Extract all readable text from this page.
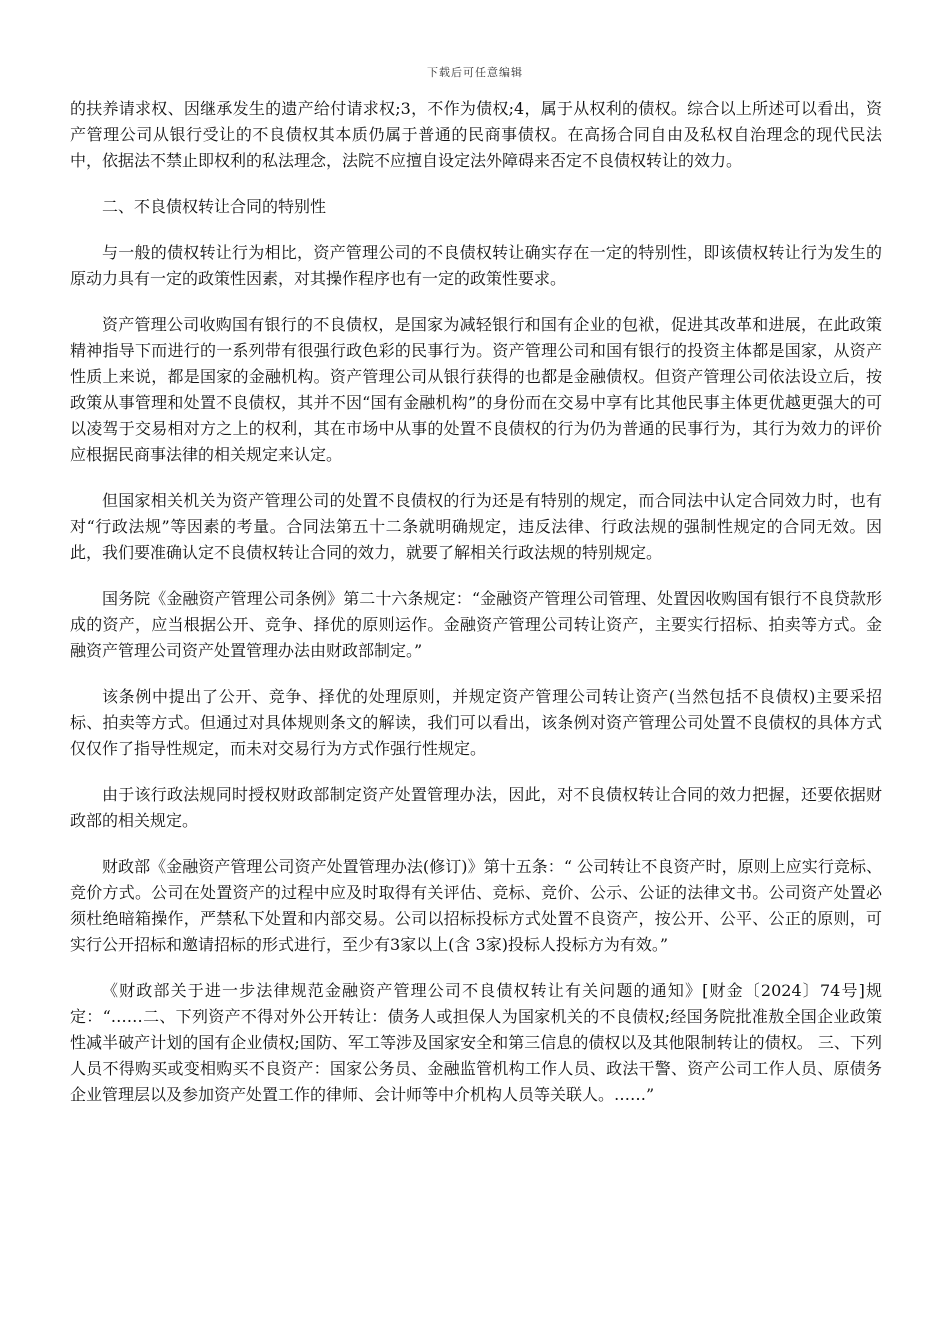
下载后可任意编辑

的扶养请求权、因继承发生的遗产给付请求权;3，不作为债权;4，属于从权利的债权。综合以上所述可以看出，资产管理公司从银行受让的不良债权其本质仍属于普通的民商事债权。在高扬合同自由及私权自治理念的现代民法中，依据法不禁止即权利的私法理念，法院不应擅自设定法外障碍来否定不良债权转让的效力。

二、不良债权转让合同的特别性

与一般的债权转让行为相比，资产管理公司的不良债权转让确实存在一定的特别性，即该债权转让行为发生的原动力具有一定的政策性因素，对其操作程序也有一定的政策性要求。

资产管理公司收购国有银行的不良债权，是国家为减轻银行和国有企业的包袱，促进其改革和进展，在此政策精神指导下而进行的一系列带有很强行政色彩的民事行为。资产管理公司和国有银行的投资主体都是国家，从资产性质上来说，都是国家的金融机构。资产管理公司从银行获得的也都是金融债权。但资产管理公司依法设立后，按政策从事管理和处置不良债权，其并不因“国有金融机构”的身份而在交易中享有比其他民事主体更优越更强大的可以凌驾于交易相对方之上的权利，其在市场中从事的处置不良债权的行为仍为普通的民事行为，其行为效力的评价应根据民商事法律的相关规定来认定。

但国家相关机关为资产管理公司的处置不良债权的行为还是有特别的规定，而合同法中认定合同效力时，也有对“行政法规”等因素的考量。合同法第五十二条就明确规定，违反法律、行政法规的强制性规定的合同无效。因此，我们要准确认定不良债权转让合同的效力，就要了解相关行政法规的特别规定。

国务院《金融资产管理公司条例》第二十六条规定：“金融资产管理公司管理、处置因收购国有银行不良贷款形成的资产，应当根据公开、竞争、择优的原则运作。金融资产管理公司转让资产，主要实行招标、拍卖等方式。金融资产管理公司资产处置管理办法由财政部制定。”

该条例中提出了公开、竞争、择优的处理原则，并规定资产管理公司转让资产(当然包括不良债权)主要采招标、拍卖等方式。但通过对具体规则条文的解读，我们可以看出，该条例对资产管理公司处置不良债权的具体方式仅仅作了指导性规定，而未对交易行为方式作强行性规定。

由于该行政法规同时授权财政部制定资产处置管理办法，因此，对不良债权转让合同的效力把握，还要依据财政部的相关规定。

财政部《金融资产管理公司资产处置管理办法(修订)》第十五条：“ 公司转让不良资产时，原则上应实行竞标、竞价方式。公司在处置资产的过程中应及时取得有关评估、竞标、竞价、公示、公证的法律文书。公司资产处置必须杜绝暗箱操作，严禁私下处置和内部交易。公司以招标投标方式处置不良资产，按公开、公平、公正的原则，可实行公开招标和邀请招标的形式进行，至少有3家以上(含 3家)投标人投标方为有效。”

《财政部关于进一步法律规范金融资产管理公司不良债权转让有关问题的通知》[财金〔2024〕74号]规定：“……二、下列资产不得对外公开转让：债务人或担保人为国家机关的不良债权;经国务院批准敖全国企业政策性减半破产计划的国有企业债权;国防、军工等涉及国家安全和第三信息的债权以及其他限制转让的债权。 三、下列人员不得购买或变相购买不良资产：国家公务员、金融监管机构工作人员、政法干警、资产公司工作人员、原债务企业管理层以及参加资产处置工作的律师、会计师等中介机构人员等关联人。……”
